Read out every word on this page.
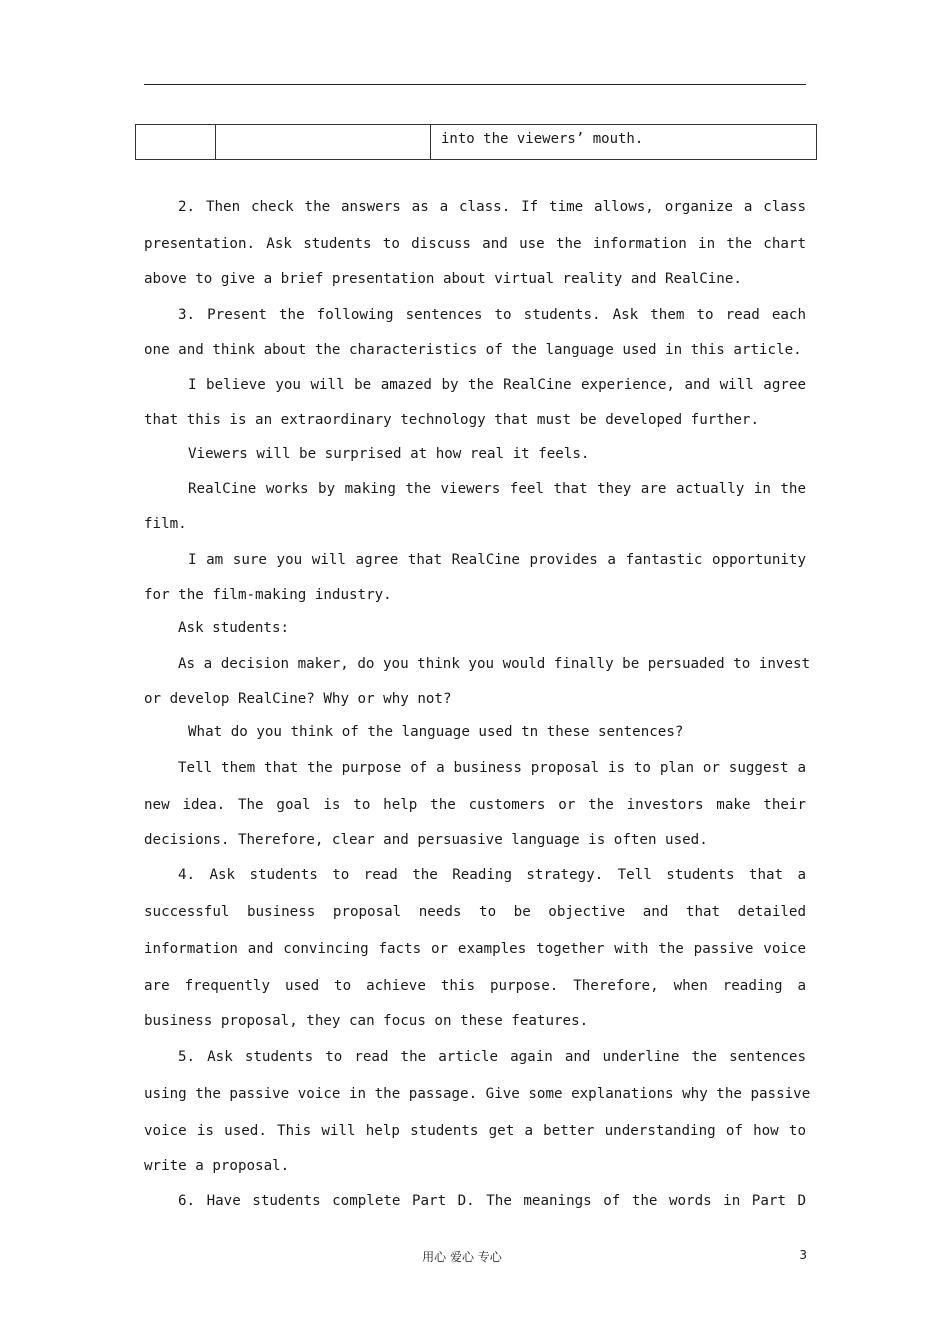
		into the viewers’ mouth.
2. Then check the answers as a class. If time allows, organize a class
presentation. Ask students to discuss and use the information in the chart
above to give a brief presentation about virtual reality and RealCine.
3. Present the following sentences to students. Ask them to read each
one and think about the characteristics of the language used in this article.
I believe you will be amazed by the RealCine experience, and will agree
that this is an extraordinary technology that must be developed further.
Viewers will be surprised at how real it feels.
RealCine works by making the viewers feel that they are actually in the
film.
I am sure you will agree that RealCine provides a fantastic opportunity
for the film-making industry.
Ask students:
As a decision maker, do you think you would finally be persuaded to invest
or develop RealCine? Why or why not?
What do you think of the language used tn these sentences?
Tell them that the purpose of a business proposal is to plan or suggest a
new idea. The goal is to help the customers or the investors make their
decisions. Therefore, clear and persuasive language is often used.
4. Ask students to read the Reading strategy. Tell students that a
successful business proposal needs to be objective and that detailed
information and convincing facts or examples together with the passive voice
are frequently used to achieve this purpose. Therefore, when reading a
business proposal, they can focus on these features.
5. Ask students to read the article again and underline the sentences
using the passive voice in the passage. Give some explanations why the passive
voice is used. This will help students get a better understanding of how to
write a proposal.
6. Have students complete Part D. The meanings of the words in Part D
用心 爱心 专心	3
